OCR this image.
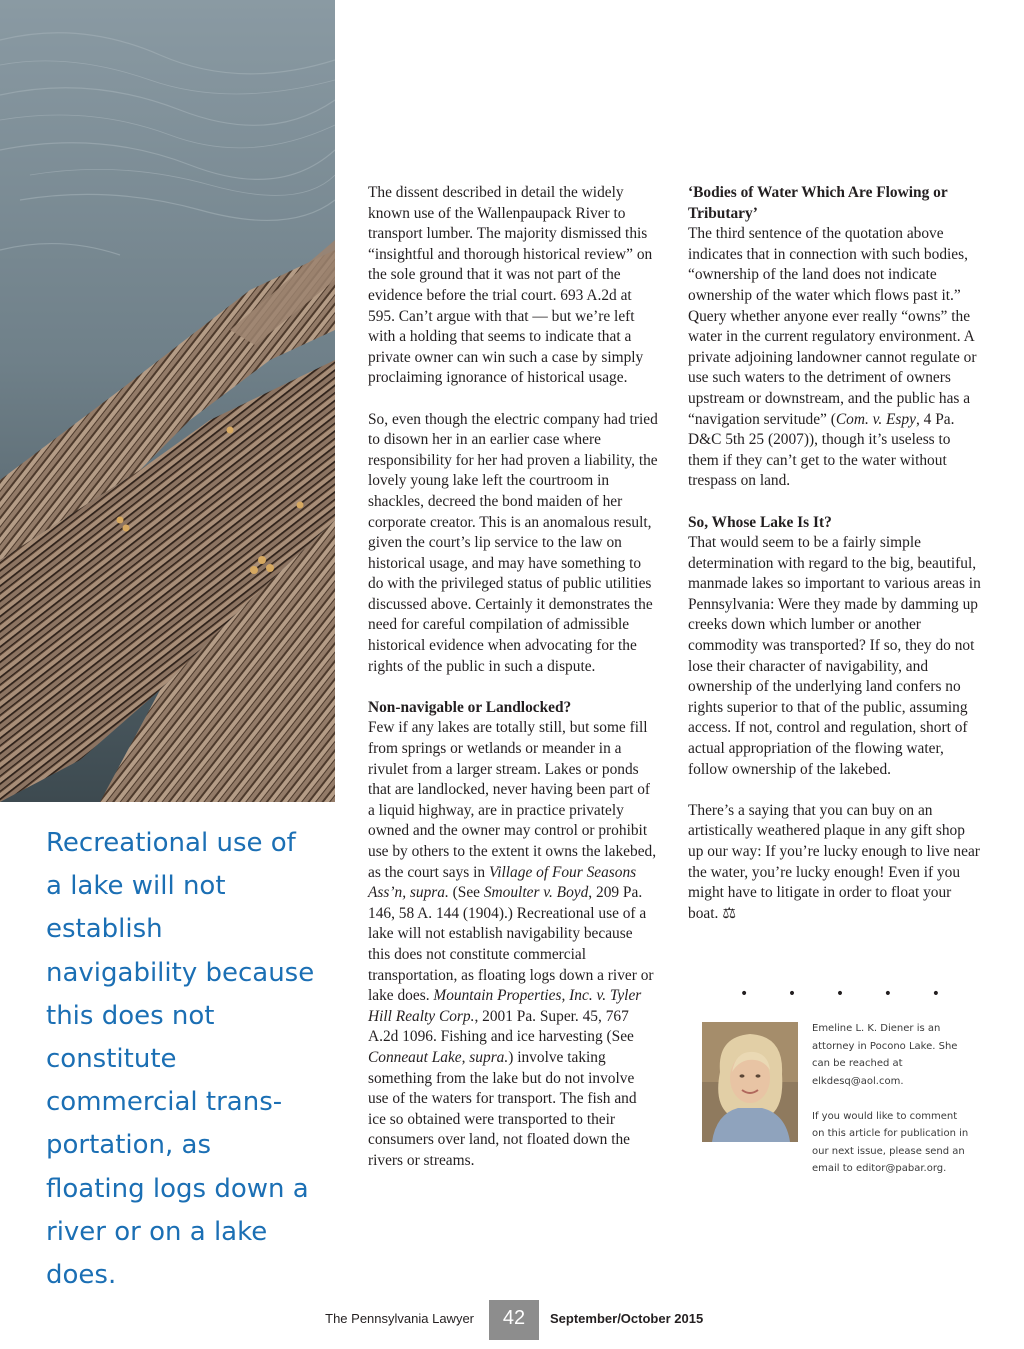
Recreational use of a lake will not establish navigability because this does not constitute commercial trans-portation, as floating logs down a river or on a lake does.

The dissent described in detail the widely known use of the Wallenpaupack River to transport lumber. The majority dismissed this “insightful and thorough historical review” on the sole ground that it was not part of the evidence before the trial court. 693 A.2d at 595. Can’t argue with that — but we’re left with a holding that seems to indicate that a private owner can win such a case by simply proclaiming ignorance of historical usage.

So, even though the electric company had tried to disown her in an earlier case where responsibility for her had proven a liability, the lovely young lake left the courtroom in shackles, decreed the bond maiden of her corporate creator. This is an anomalous result, given the court’s lip service to the law on historical usage, and may have something to do with the privileged status of public utilities discussed above. Certainly it demonstrates the need for careful compilation of admissible historical evidence when advocating for the rights of the public in such a dispute.

Non-navigable or Landlocked?

Few if any lakes are totally still, but some fill from springs or wetlands or meander in a rivulet from a larger stream. Lakes or ponds that are landlocked, never having been part of a liquid highway, are in practice privately owned and the owner may control or prohibit use by others to the extent it owns the lakebed, as the court says in Village of Four Seasons Ass’n, supra. (See Smoulter v. Boyd, 209 Pa. 146, 58 A. 144 (1904).) Recreational use of a lake will not establish navigability because this does not constitute commercial transportation, as floating logs down a river or lake does. Mountain Properties, Inc. v. Tyler Hill Realty Corp., 2001 Pa. Super. 45, 767 A.2d 1096. Fishing and ice harvesting (See Conneaut Lake, supra.) involve taking something from the lake but do not involve use of the waters for transport. The fish and ice so obtained were transported to their consumers over land, not floated down the rivers or streams.

‘Bodies of Water Which Are Flowing or Tributary’

The third sentence of the quotation above indicates that in connection with such bodies, “ownership of the land does not indicate ownership of the water which flows past it.” Query whether anyone ever really “owns” the water in the current regulatory environment. A private adjoining landowner cannot regulate or use such waters to the detriment of owners upstream or downstream, and the public has a “navigation servitude” (Com. v. Espy, 4 Pa. D&C 5th 25 (2007)), though it’s useless to them if they can’t get to the water without trespass on land.

So, Whose Lake Is It?

That would seem to be a fairly simple determination with regard to the big, beautiful, manmade lakes so important to various areas in Pennsylvania: Were they made by damming up creeks down which lumber or another commodity was transported? If so, they do not lose their character of navigability, and ownership of the underlying land confers no rights superior to that of the public, assuming access. If not, control and regulation, short of actual appropriation of the flowing water, follow ownership of the lakebed.

There’s a saying that you can buy on an artistically weathered plaque in any gift shop up our way: If you’re lucky enough to live near the water, you’re lucky enough! Even if you might have to litigate in order to float your boat. ⚖

•	•	•	•	•

Emeline L. K. Diener is an attorney in Pocono Lake. She can be reached at elkdesq@aol.com.

If you would like to comment on this article for publication in our next issue, please send an email to editor@pabar.org.

The Pennsylvania Lawyer	42	September/October 2015
